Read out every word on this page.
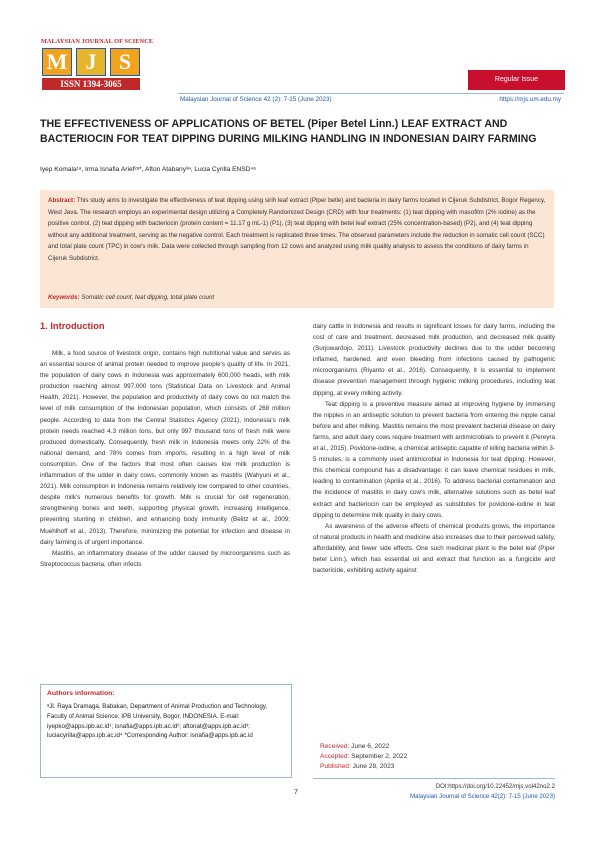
MALAYSIAN JOURNAL OF SCIENCE
M J	S
ISSN 1394-3065	Regular Issue
Malaysian Journal of Science 42 (2): 7-15 (June 2023)	https://mjs.um.edu.my
THE EFFECTIVENESS OF APPLICATIONS OF BETEL (Piper Betel Linn.) LEAF EXTRACT AND BACTERIOCIN FOR TEAT DIPPING DURING MILKING HANDLING IN INDONESIAN DAIRY FARMING
Iyep Komala¹ᵃ, Irma Isnafia Arief²ᵃ*, Afton Atabany³ᵃ, Lucia Cyrilla ENSD⁴ᵃ

Abstract: This study aims to investigate the effectiveness of teat dipping using sirih leaf extract (Piper betle) and bacteria in dairy farms located in Cijeruk Subdistrict, Bogor Regency, West Java. The research employs an experimental design utilizing a Completely Randomized Design (CRD) with four treatments: (1) teat dipping with masofilm (2% iodine) as the positive control, (2) teat dipping with bacteriocin (protein content = 11.17 g mL-1) (P1), (3) teat dipping with betel leaf extract (25% concentration-based) (P2), and (4) teat dipping without any additional treatment, serving as the negative control. Each treatment is replicated three times. The observed parameters include the reduction in somatic cell count (SCC) and total plate count (TPC) in cow's milk. Data were collected through sampling from 12 cows and analyzed using milk quality analysis to assess the conditions of dairy farms in Cijeruk Subdistrict.

Keywords: Somatic cell count, teat dipping, total plate count
1. Introduction

Milk, a food source of livestock origin, contains high nutritional value and serves as an essential source of animal protein needed to improve people's quality of life. In 2021, the population of dairy cows in Indonesia was approximately 600,000 heads, with milk production reaching almost 997,000 tons (Statistical Data on Livestock and Animal Health, 2021). However, the population and productivity of dairy cows do not match the level of milk consumption of the Indonesian population, which consists of 268 million people. According to data from the Central Statistics Agency (2021), Indonesia's milk protein needs reached 4.3 million tons, but only 997 thousand tons of fresh milk were produced domestically. Consequently, fresh milk in Indonesia meets only 22% of the national demand, and 78% comes from imports, resulting in a high level of milk consumption. One of the factors that most often causes low milk production is inflammation of the udder in dairy cows, commonly known as mastitis (Wahyuni et al., 2021). Milk consumption in Indonesia remains relatively low compared to other countries, despite milk's numerous benefits for growth. Milk is crucial for cell regeneration, strengthening bones and teeth, supporting physical growth, increasing intelligence, preventing stunting in children, and enhancing body immunity (Belitz et al., 2009; Muehlhoff et al., 2013). Therefore, minimizing the potential for infection and disease in dairy farming is of urgent importance.

Mastitis, an inflammatory disease of the udder caused by microorganisms such as Streptococcus bacteria, often infects

dairy cattle in Indonesia and results in significant losses for dairy farms, including the cost of care and treatment, decreased milk production, and decreased milk quality (Surjowardojo, 2011). Livestock productivity declines due to the udder becoming inflamed, hardened, and even bleeding from infections caused by pathogenic microorganisms (Riyanto et al., 2016). Consequently, it is essential to implement disease prevention management through hygienic milking procedures, including teat dipping, at every milking activity.

Teat dipping is a preventive measure aimed at improving hygiene by immersing the nipples in an antiseptic solution to prevent bacteria from entering the nipple canal before and after milking. Mastitis remains the most prevalent bacterial disease on dairy farms, and adult dairy cows require treatment with antimicrobials to prevent it (Pereyra et al., 2015). Povidone-iodine, a chemical antiseptic capable of killing bacteria within 3-5 minutes, is a commonly used antimicrobial in Indonesia for teat dipping. However, this chemical compound has a disadvantage: it can leave chemical residues in milk, leading to contamination (Aprilia et al., 2016). To address bacterial contamination and the incidence of mastitis in dairy cow's milk, alternative solutions such as betel leaf extract and bacteriocin can be employed as substitutes for povidone-iodine in teat dipping to determine milk quality in dairy cows.

As awareness of the adverse effects of chemical products grows, the importance of natural products in health and medicine also increases due to their perceived safety, affordability, and fewer side effects. One such medicinal plant is the betel leaf (Piper betel Linn.), which has essential oil and extract that function as a fungicide and bactericide, exhibiting activity against

Authors information:

ᵃJl. Raya Dramaga, Babakan, Department of Animal Production and Technology, Faculty of Animal Science, IPB University, Bogor, INDONESIA. E-mail: iyepko@apps.ipb.ac.id¹; isnafia@apps.ipb.ac.id²; aftonat@apps.ipb.ac.id³; luciacyrilla@apps.ipb.ac.id⁴ *Corresponding Author: isnafia@apps.ipb.ac.id

Received: June 6, 2022
Accepted: September 2, 2022
Published: June 28, 2023
7
DOI:https://doi.org/10.22452/mjs.vol42no2.2
Malaysian Journal of Science 42(2): 7-15 (June 2023)
